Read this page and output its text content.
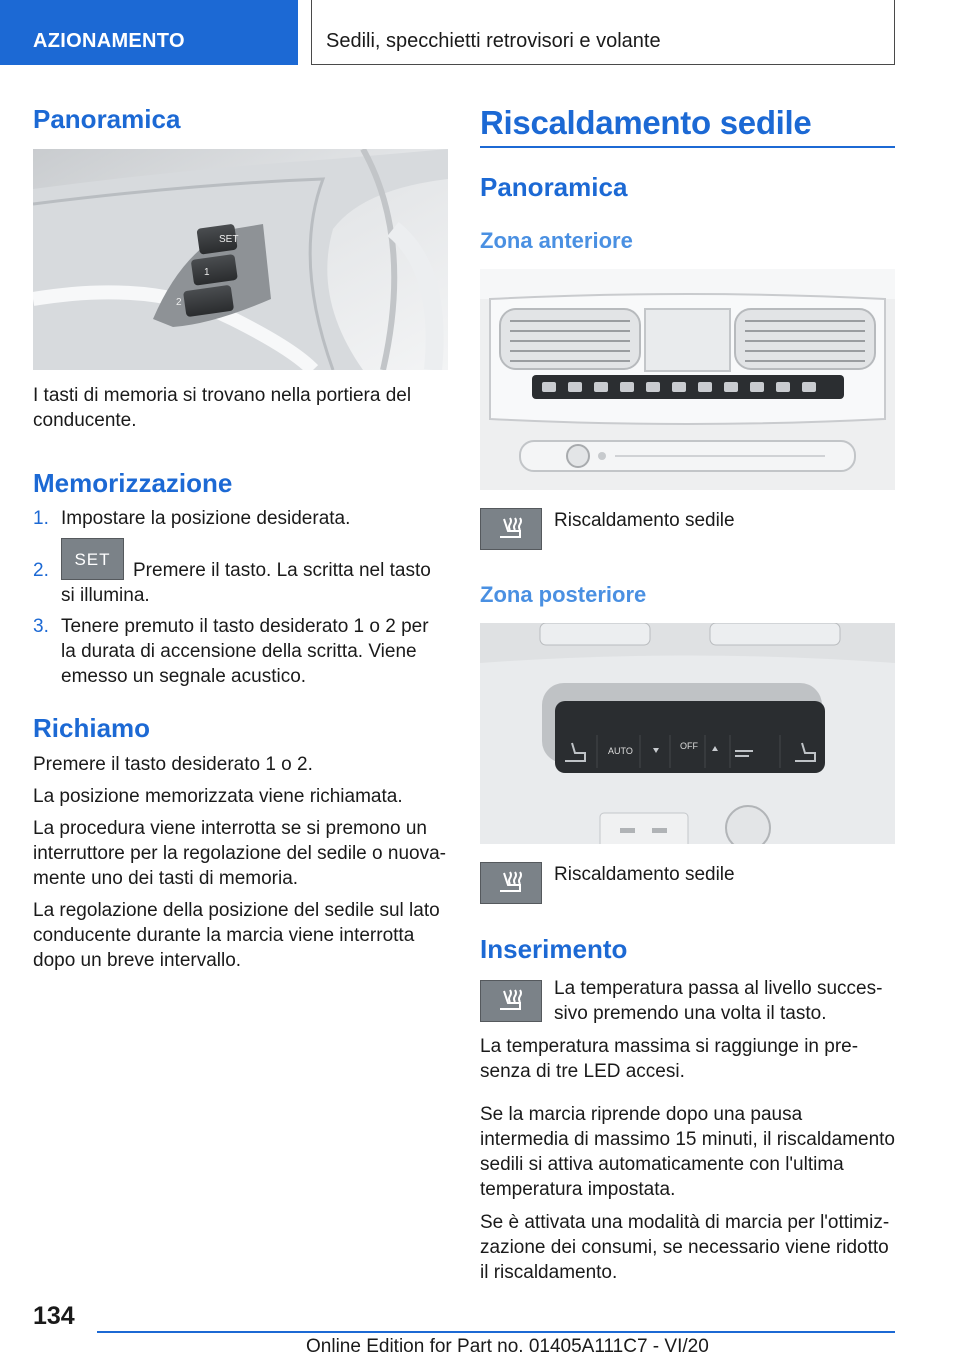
AZIONAMENTO	Sedili, specchietti retrovisori e volante
Panoramica
SET
1
2
I tasti di memoria si trovano nella portiera del conducente.
Memorizzazione
1. Impostare la posizione desiderata.
2.
SET
Premere il tasto. La scritta nel tasto si illumina.
3. Tenere premuto il tasto desiderato 1 o 2 per la durata di accensione della scritta. Viene emesso un segnale acustico.
Richiamo
Premere il tasto desiderato 1 o 2.
La posizione memorizzata viene richiamata.
La procedura viene interrotta se si premono un interruttore per la regolazione del sedile o nuovamente uno dei tasti di memoria.
La regolazione della posizione del sedile sul lato conducente durante la marcia viene interrotta dopo un breve intervallo.
Riscaldamento sedile
Panoramica
Zona anteriore
Riscaldamento sedile
Zona posteriore
AUTO	OFF
Riscaldamento sedile
Inserimento
La temperatura passa al livello successivo premendo una volta il tasto.
La temperatura massima si raggiunge in presenza di tre LED accesi.
Se la marcia riprende dopo una pausa intermedia di massimo 15 minuti, il riscaldamento sedili si attiva automaticamente con l'ultima temperatura impostata.
Se è attivata una modalità di marcia per l'ottimizzazione dei consumi, se necessario viene ridotto il riscaldamento.
134
Online Edition for Part no. 01405A111C7 - VI/20
